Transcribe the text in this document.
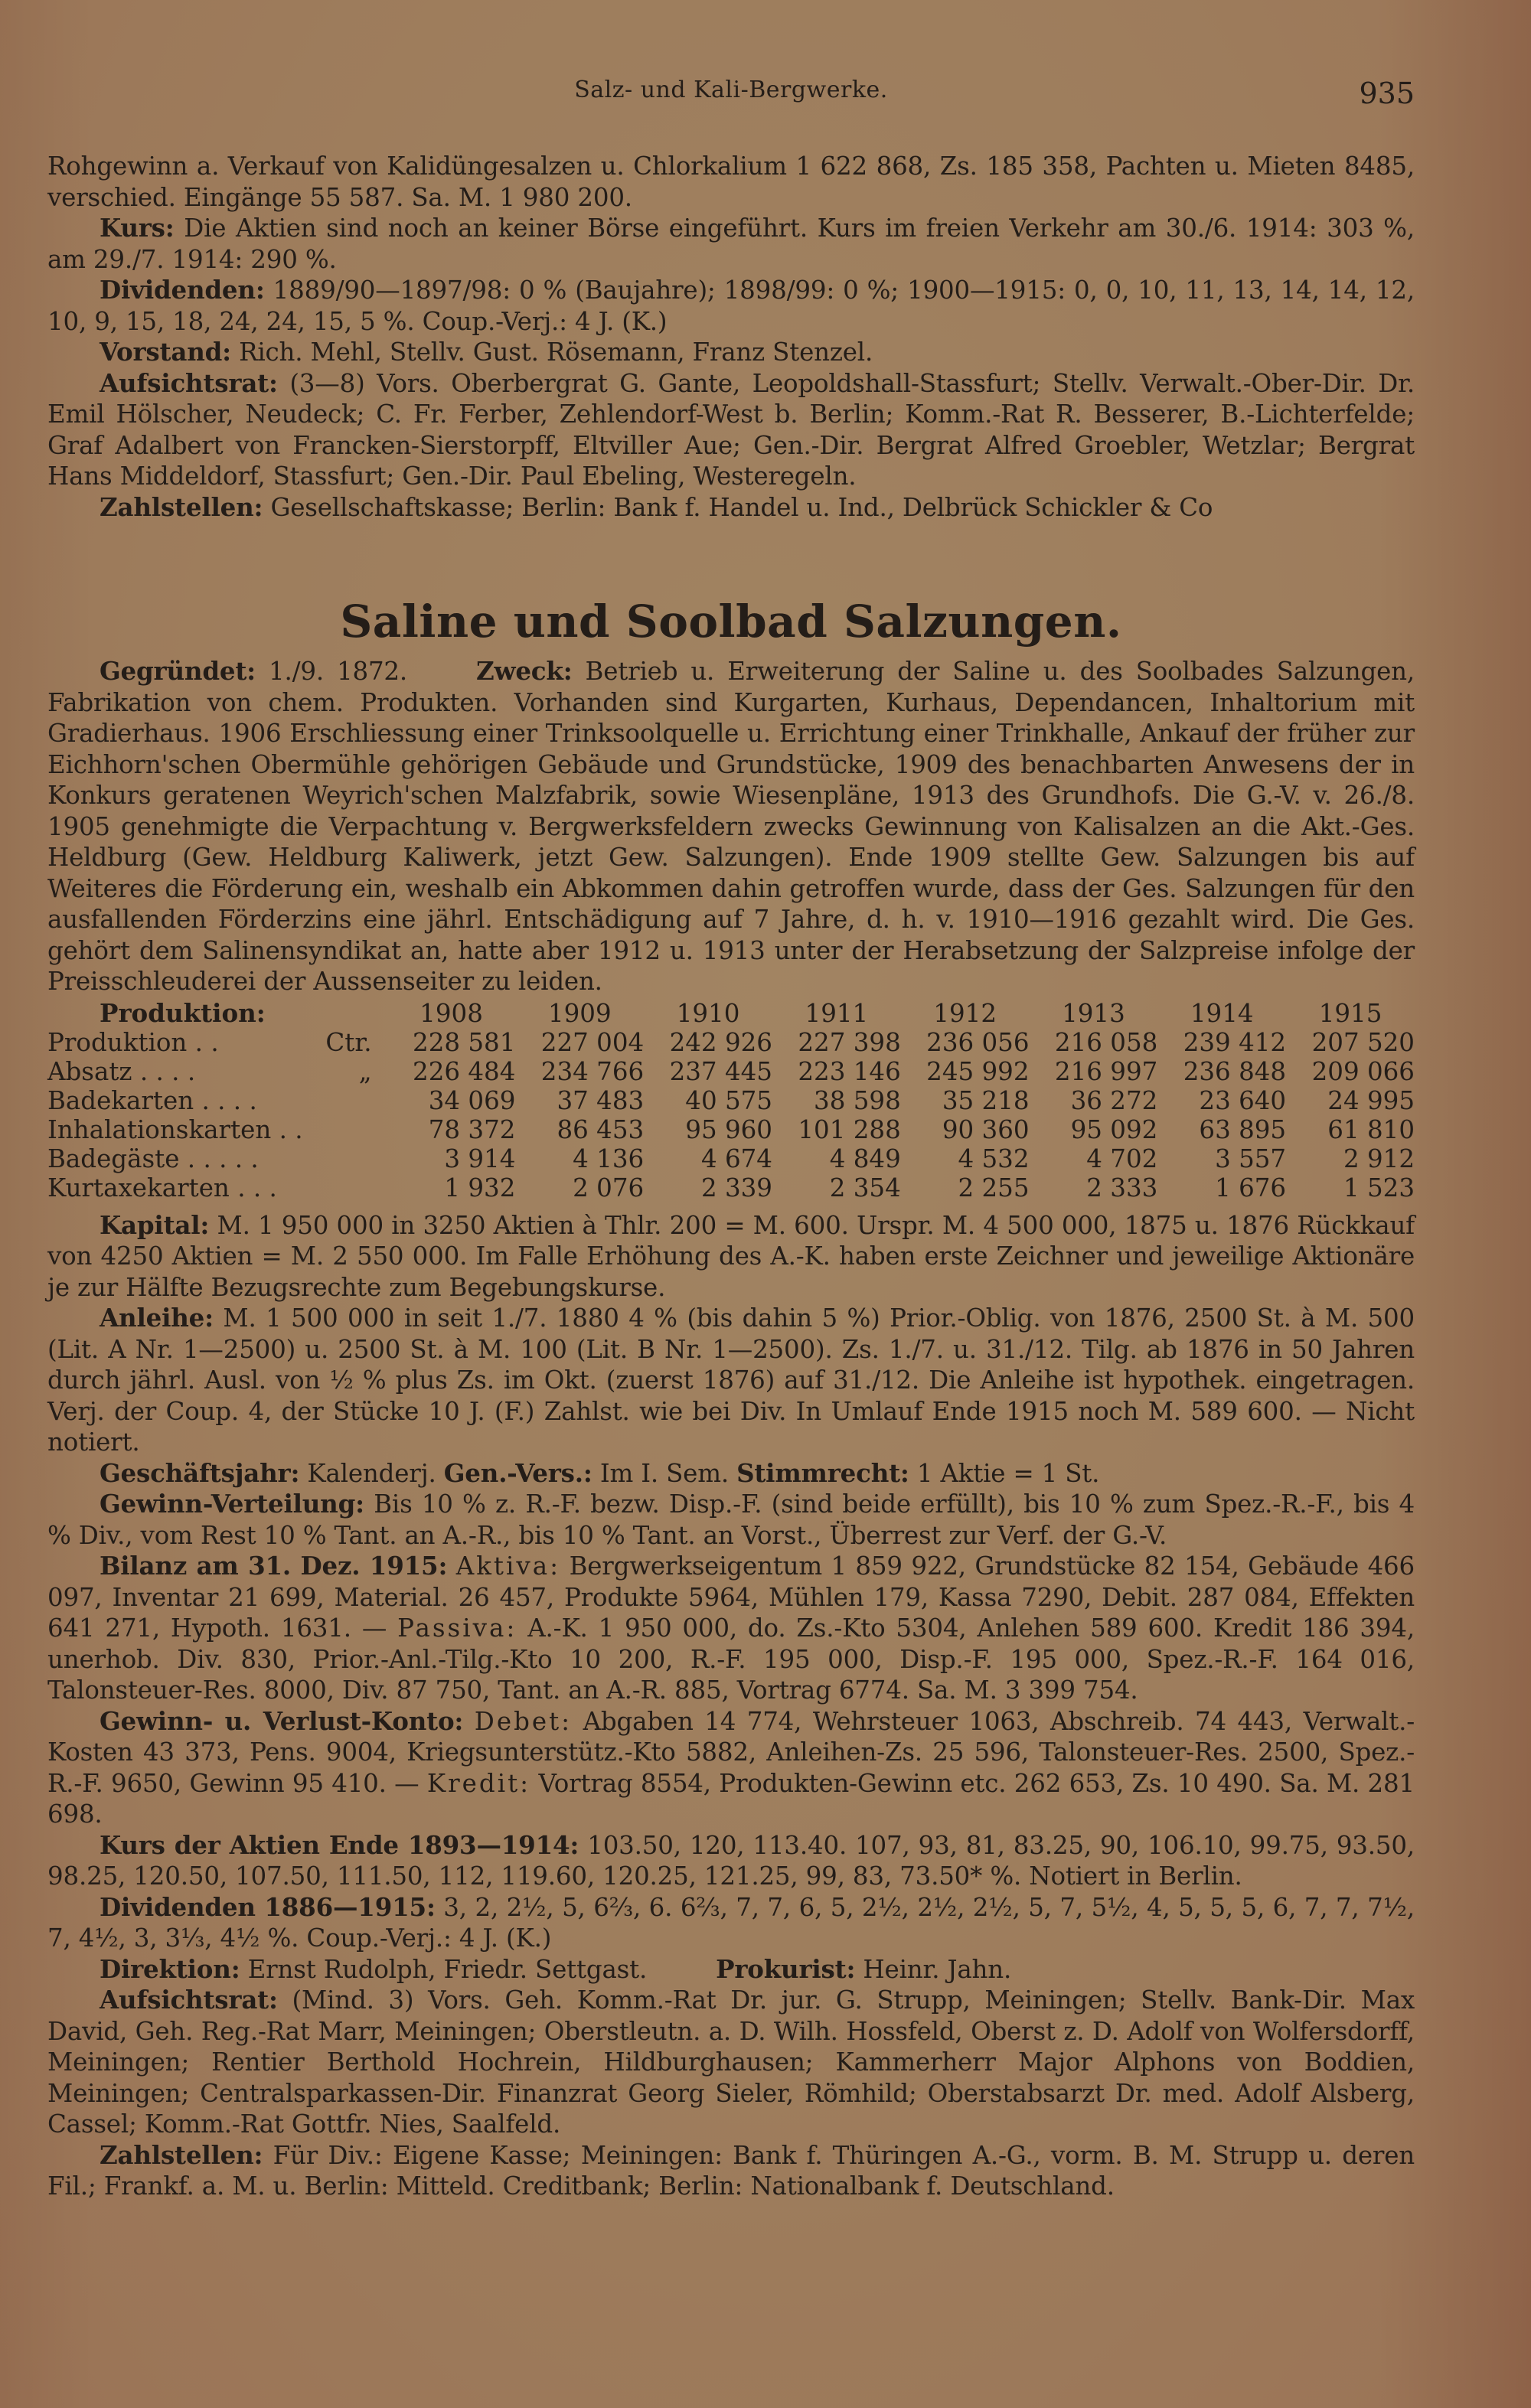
Salz- und Kali-Bergwerke.	935

Rohgewinn a. Verkauf von Kalidüngesalzen u. Chlorkalium 1 622 868, Zs. 185 358, Pachten u. Mieten 8485, verschied. Eingänge 55 587. Sa. M. 1 980 200.

Kurs: Die Aktien sind noch an keiner Börse eingeführt. Kurs im freien Verkehr am 30./6. 1914: 303 %, am 29./7. 1914: 290 %.

Dividenden: 1889/90—1897/98: 0 % (Baujahre); 1898/99: 0 %; 1900—1915: 0, 0, 10, 11, 13, 14, 14, 12, 10, 9, 15, 18, 24, 24, 15, 5 %. Coup.-Verj.: 4 J. (K.)

Vorstand: Rich. Mehl, Stellv. Gust. Rösemann, Franz Stenzel.

Aufsichtsrat: (3—8) Vors. Oberbergrat G. Gante, Leopoldshall-Stassfurt; Stellv. Verwalt.-Ober-Dir. Dr. Emil Hölscher, Neudeck; C. Fr. Ferber, Zehlendorf-West b. Berlin; Komm.-Rat R. Besserer, B.-Lichterfelde; Graf Adalbert von Francken-Sierstorpff, Eltviller Aue; Gen.-Dir. Bergrat Alfred Groebler, Wetzlar; Bergrat Hans Middeldorf, Stassfurt; Gen.-Dir. Paul Ebeling, Westeregeln.

Zahlstellen: Gesellschaftskasse; Berlin: Bank f. Handel u. Ind., Delbrück Schickler & Co

Saline und Soolbad Salzungen.

Gegründet: 1./9. 1872.	Zweck: Betrieb u. Erweiterung der Saline u. des Soolbades Salzungen, Fabrikation von chem. Produkten. Vorhanden sind Kurgarten, Kurhaus, Dependancen, Inhaltorium mit Gradierhaus. 1906 Erschliessung einer Trinksoolquelle u. Errichtung einer Trinkhalle, Ankauf der früher zur Eichhorn'schen Obermühle gehörigen Gebäude und Grundstücke, 1909 des benachbarten Anwesens der in Konkurs geratenen Weyrich'schen Malzfabrik, sowie Wiesenpläne, 1913 des Grundhofs. Die G.-V. v. 26./8. 1905 genehmigte die Verpachtung v. Bergwerksfeldern zwecks Gewinnung von Kalisalzen an die Akt.-Ges. Heldburg (Gew. Heldburg Kaliwerk, jetzt Gew. Salzungen). Ende 1909 stellte Gew. Salzungen bis auf Weiteres die Förderung ein, weshalb ein Abkommen dahin getroffen wurde, dass der Ges. Salzungen für den ausfallenden Förderzins eine jährl. Entschädigung auf 7 Jahre, d. h. v. 1910—1916 gezahlt wird. Die Ges. gehört dem Salinensyndikat an, hatte aber 1912 u. 1913 unter der Herabsetzung der Salzpreise infolge der Preisschleuderei der Aussenseiter zu leiden.

Produktion:		1908	1909	1910	1911	1912	1913	1914	1915
Produktion . .	Ctr.	228 581	227 004	242 926	227 398	236 056	216 058	239 412	207 520
Absatz . . . .	„	226 484	234 766	237 445	223 146	245 992	216 997	236 848	209 066
Badekarten . . . .		34 069	37 483	40 575	38 598	35 218	36 272	23 640	24 995
Inhalationskarten . .		78 372	86 453	95 960	101 288	90 360	95 092	63 895	61 810
Badegäste . . . . .		3 914	4 136	4 674	4 849	4 532	4 702	3 557	2 912
Kurtaxekarten . . .		1 932	2 076	2 339	2 354	2 255	2 333	1 676	1 523

Kapital: M. 1 950 000 in 3250 Aktien à Thlr. 200 = M. 600. Urspr. M. 4 500 000, 1875 u. 1876 Rückkauf von 4250 Aktien = M. 2 550 000. Im Falle Erhöhung des A.-K. haben erste Zeichner und jeweilige Aktionäre je zur Hälfte Bezugsrechte zum Begebungskurse.

Anleihe: M. 1 500 000 in seit 1./7. 1880 4 % (bis dahin 5 %) Prior.-Oblig. von 1876, 2500 St. à M. 500 (Lit. A Nr. 1—2500) u. 2500 St. à M. 100 (Lit. B Nr. 1—2500). Zs. 1./7. u. 31./12. Tilg. ab 1876 in 50 Jahren durch jährl. Ausl. von ½ % plus Zs. im Okt. (zuerst 1876) auf 31./12. Die Anleihe ist hypothek. eingetragen. Verj. der Coup. 4, der Stücke 10 J. (F.) Zahlst. wie bei Div. In Umlauf Ende 1915 noch M. 589 600. — Nicht notiert.

Geschäftsjahr: Kalenderj. Gen.-Vers.: Im I. Sem. Stimmrecht: 1 Aktie = 1 St.

Gewinn-Verteilung: Bis 10 % z. R.-F. bezw. Disp.-F. (sind beide erfüllt), bis 10 % zum Spez.-R.-F., bis 4 % Div., vom Rest 10 % Tant. an A.-R., bis 10 % Tant. an Vorst., Überrest zur Verf. der G.-V.

Bilanz am 31. Dez. 1915: Aktiva: Bergwerkseigentum 1 859 922, Grundstücke 82 154, Gebäude 466 097, Inventar 21 699, Material. 26 457, Produkte 5964, Mühlen 179, Kassa 7290, Debit. 287 084, Effekten 641 271, Hypoth. 1631. — Passiva: A.-K. 1 950 000, do. Zs.-Kto 5304, Anlehen 589 600. Kredit 186 394, unerhob. Div. 830, Prior.-Anl.-Tilg.-Kto 10 200, R.-F. 195 000, Disp.-F. 195 000, Spez.-R.-F. 164 016, Talonsteuer-Res. 8000, Div. 87 750, Tant. an A.-R. 885, Vortrag 6774. Sa. M. 3 399 754.

Gewinn- u. Verlust-Konto: Debet: Abgaben 14 774, Wehrsteuer 1063, Abschreib. 74 443, Verwalt.-Kosten 43 373, Pens. 9004, Kriegsunterstütz.-Kto 5882, Anleihen-Zs. 25 596, Talonsteuer-Res. 2500, Spez.-R.-F. 9650, Gewinn 95 410. — Kredit: Vortrag 8554, Produkten-Gewinn etc. 262 653, Zs. 10 490. Sa. M. 281 698.

Kurs der Aktien Ende 1893—1914: 103.50, 120, 113.40. 107, 93, 81, 83.25, 90, 106.10, 99.75, 93.50, 98.25, 120.50, 107.50, 111.50, 112, 119.60, 120.25, 121.25, 99, 83, 73.50* %. Notiert in Berlin.

Dividenden 1886—1915: 3, 2, 2½, 5, 6⅔, 6. 6⅔, 7, 7, 6, 5, 2½, 2½, 2½, 5, 7, 5½, 4, 5, 5, 5, 6, 7, 7, 7½, 7, 4½, 3, 3⅓, 4½ %. Coup.-Verj.: 4 J. (K.)

Direktion: Ernst Rudolph, Friedr. Settgast.	Prokurist: Heinr. Jahn.

Aufsichtsrat: (Mind. 3) Vors. Geh. Komm.-Rat Dr. jur. G. Strupp, Meiningen; Stellv. Bank-Dir. Max David, Geh. Reg.-Rat Marr, Meiningen; Oberstleutn. a. D. Wilh. Hossfeld, Oberst z. D. Adolf von Wolfersdorff, Meiningen; Rentier Berthold Hochrein, Hildburghausen; Kammerherr Major Alphons von Boddien, Meiningen; Centralsparkassen-Dir. Finanzrat Georg Sieler, Römhild; Oberstabsarzt Dr. med. Adolf Alsberg, Cassel; Komm.-Rat Gottfr. Nies, Saalfeld.

Zahlstellen: Für Div.: Eigene Kasse; Meiningen: Bank f. Thüringen A.-G., vorm. B. M. Strupp u. deren Fil.; Frankf. a. M. u. Berlin: Mitteld. Creditbank; Berlin: Nationalbank f. Deutschland.
